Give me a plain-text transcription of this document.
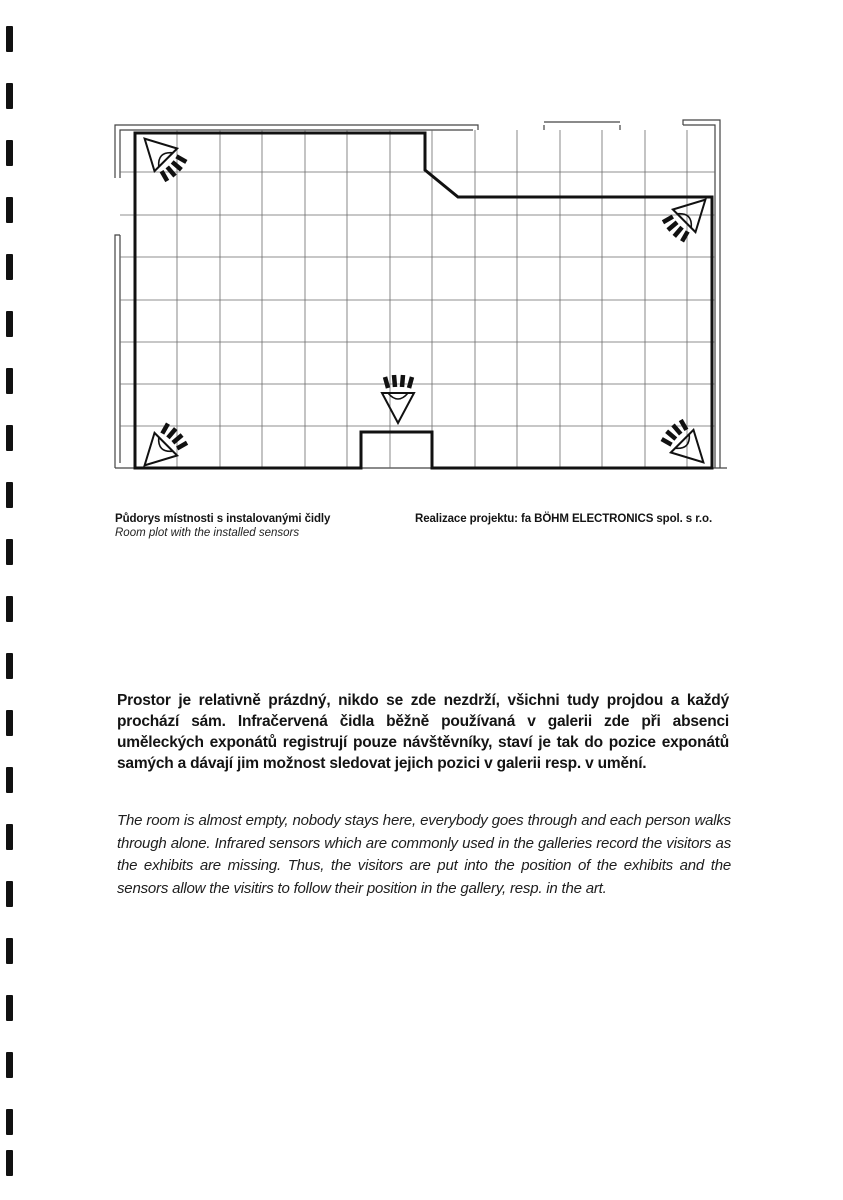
Půdorys místnosti s instalovanými čidly
Room plot with the installed sensors
Realizace projektu: fa BÖHM ELECTRONICS spol. s r.o.

Prostor je relativně prázdný, nikdo se zde nezdrží, všichni tudy projdou a každý prochází sám. Infračervená čidla běžně používaná v galerii zde při absenci uměleckých exponátů registrují pouze návštěvníky, staví je tak do pozice exponátů samých a dávají jim možnost sledovat jejich pozici v galerii resp. v umění.

The room is almost empty, nobody stays here, everybody goes through and each person walks through alone. Infrared sensors which are commonly used in the galleries record the visitors as the exhibits are missing. Thus, the visitors are put into the position of the exhibits and the sensors allow the visitirs to follow their position in the gallery, resp. in the art.
